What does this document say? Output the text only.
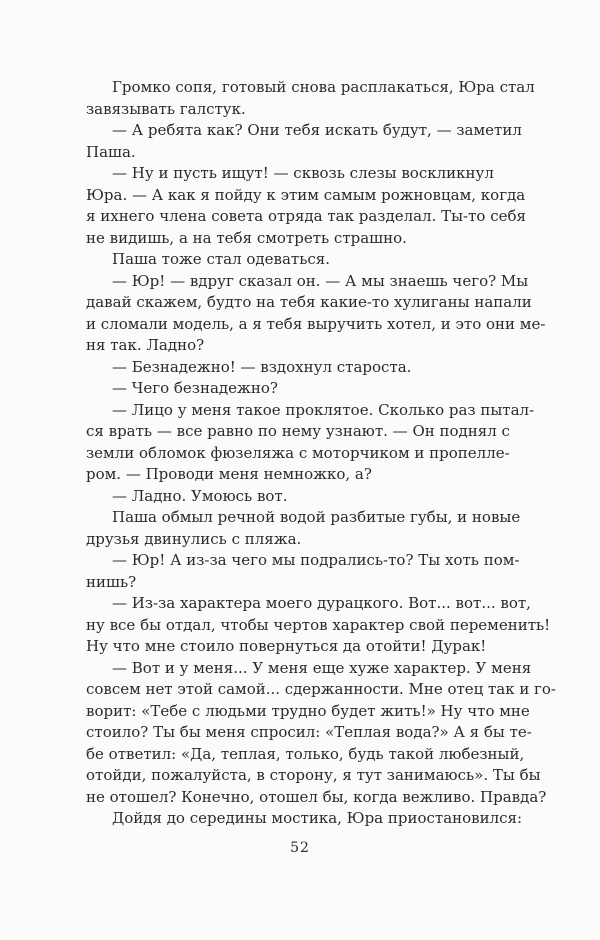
Громко сопя, готовый снова расплакаться, Юра стал
завязывать галстук.
— А ребята как? Они тебя искать будут, — заметил
Паша.
— Ну и пусть ищут! — сквозь слезы воскликнул
Юра. — А как я пойду к этим самым рожновцам, когда
я ихнего члена совета отряда так разделал. Ты-то себя
не видишь, а на тебя смотреть страшно.
Паша тоже стал одеваться.
— Юр! — вдруг сказал он. — А мы знаешь чего? Мы
давай скажем, будто на тебя какие-то хулиганы напали
и сломали модель, а я тебя выручить хотел, и это они ме-
ня так. Ладно?
— Безнадежно! — вздохнул староста.
— Чего безнадежно?
— Лицо у меня такое проклятое. Сколько раз пытал-
ся врать — все равно по нему узнают. — Он поднял с
земли обломок фюзеляжа с моторчиком и пропелле-
ром. — Проводи меня немножко, а?
— Ладно. Умоюсь вот.
Паша обмыл речной водой разбитые губы, и новые
друзья двинулись с пляжа.
— Юр! А из-за чего мы подрались-то? Ты хоть пом-
нишь?
— Из-за характера моего дурацкого. Вот... вот... вот,
ну все бы отдал, чтобы чертов характер свой переменить!
Ну что мне стоило повернуться да отойти! Дурак!
— Вот и у меня... У меня еще хуже характер. У меня
совсем нет этой самой... сдержанности. Мне отец так и го-
ворит: «Тебе с людьми трудно будет жить!» Ну что мне
стоило? Ты бы меня спросил: «Теплая вода?» А я бы те-
бе ответил: «Да, теплая, только, будь такой любезный,
отойди, пожалуйста, в сторону, я тут занимаюсь». Ты бы
не отошел? Конечно, отошел бы, когда вежливо. Правда?
Дойдя до середины мостика, Юра приостановился:
52
